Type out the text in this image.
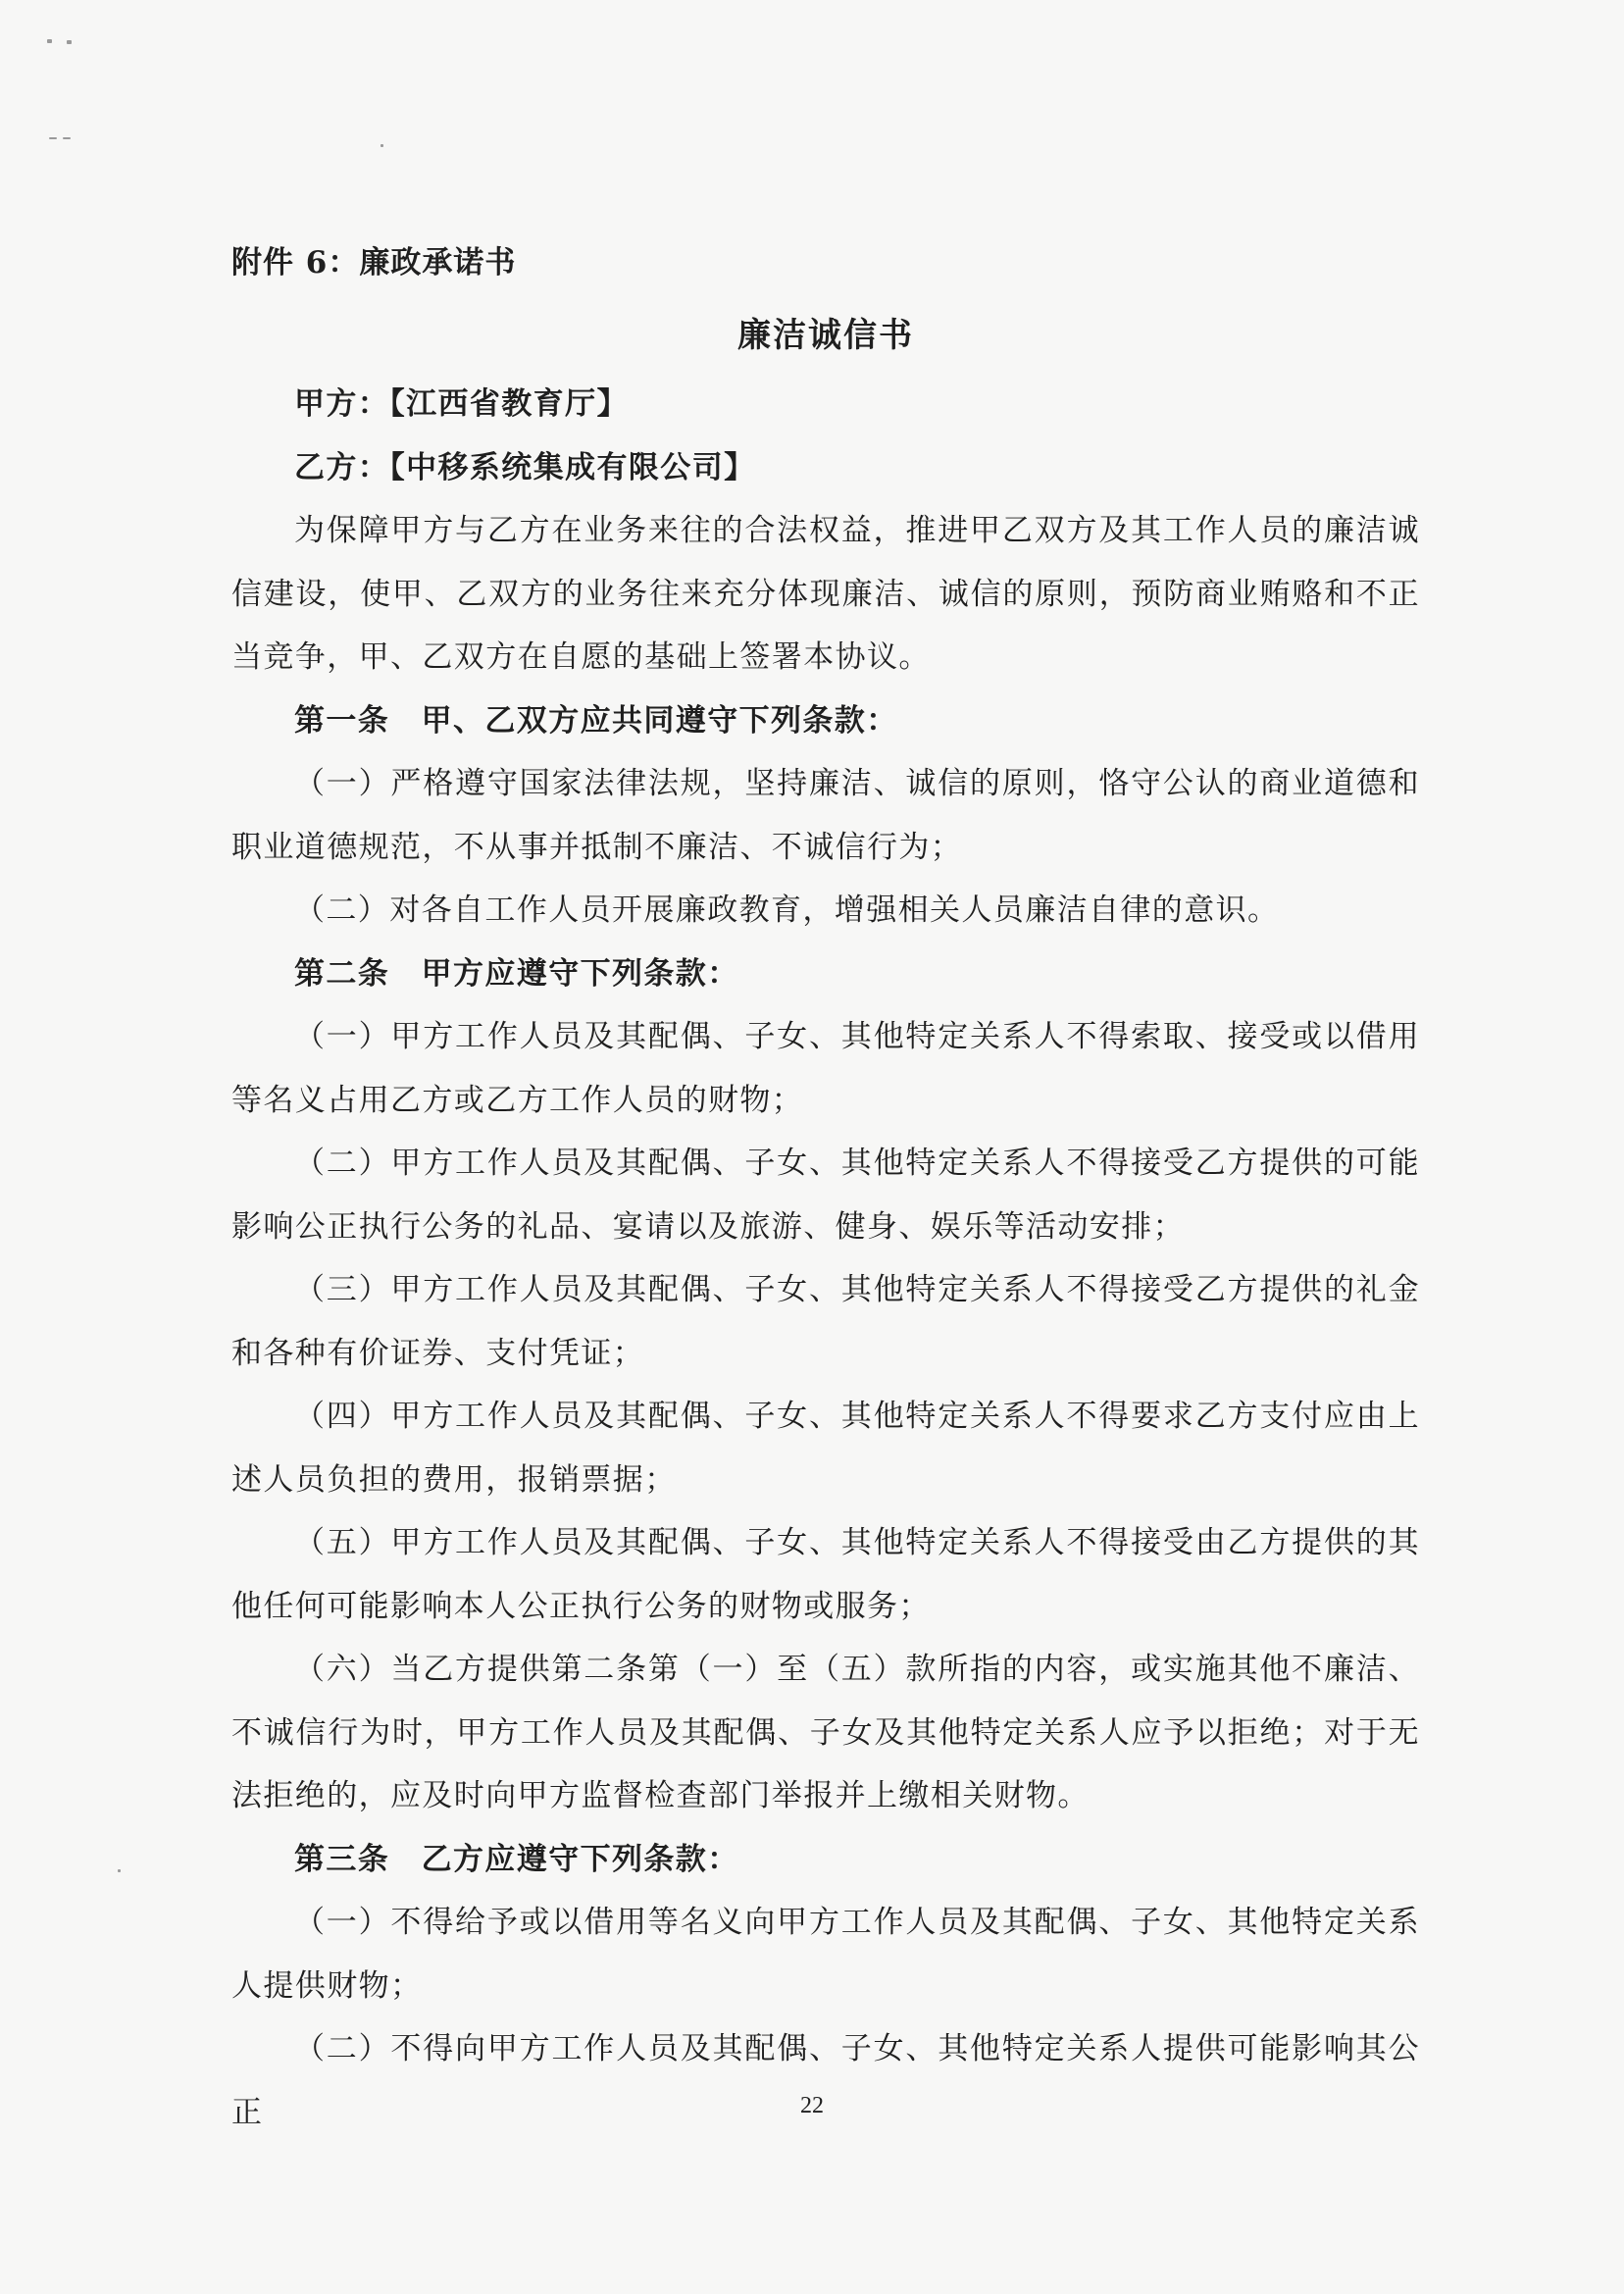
附件 6：廉政承诺书
廉洁诚信书

甲方：【江西省教育厅】

乙方：【中移系统集成有限公司】

为保障甲方与乙方在业务来往的合法权益，推进甲乙双方及其工作人员的廉洁诚信建设，使甲、乙双方的业务往来充分体现廉洁、诚信的原则，预防商业贿赂和不正当竞争，甲、乙双方在自愿的基础上签署本协议。

第一条　甲、乙双方应共同遵守下列条款：

（一）严格遵守国家法律法规，坚持廉洁、诚信的原则，恪守公认的商业道德和职业道德规范，不从事并抵制不廉洁、不诚信行为；

（二）对各自工作人员开展廉政教育，增强相关人员廉洁自律的意识。

第二条　甲方应遵守下列条款：

（一）甲方工作人员及其配偶、子女、其他特定关系人不得索取、接受或以借用等名义占用乙方或乙方工作人员的财物；

（二）甲方工作人员及其配偶、子女、其他特定关系人不得接受乙方提供的可能影响公正执行公务的礼品、宴请以及旅游、健身、娱乐等活动安排；

（三）甲方工作人员及其配偶、子女、其他特定关系人不得接受乙方提供的礼金和各种有价证券、支付凭证；

（四）甲方工作人员及其配偶、子女、其他特定关系人不得要求乙方支付应由上述人员负担的费用，报销票据；

（五）甲方工作人员及其配偶、子女、其他特定关系人不得接受由乙方提供的其他任何可能影响本人公正执行公务的财物或服务；

（六）当乙方提供第二条第（一）至（五）款所指的内容，或实施其他不廉洁、不诚信行为时，甲方工作人员及其配偶、子女及其他特定关系人应予以拒绝；对于无法拒绝的，应及时向甲方监督检查部门举报并上缴相关财物。

第三条　乙方应遵守下列条款：

（一）不得给予或以借用等名义向甲方工作人员及其配偶、子女、其他特定关系人提供财物；

（二）不得向甲方工作人员及其配偶、子女、其他特定关系人提供可能影响其公正	22
